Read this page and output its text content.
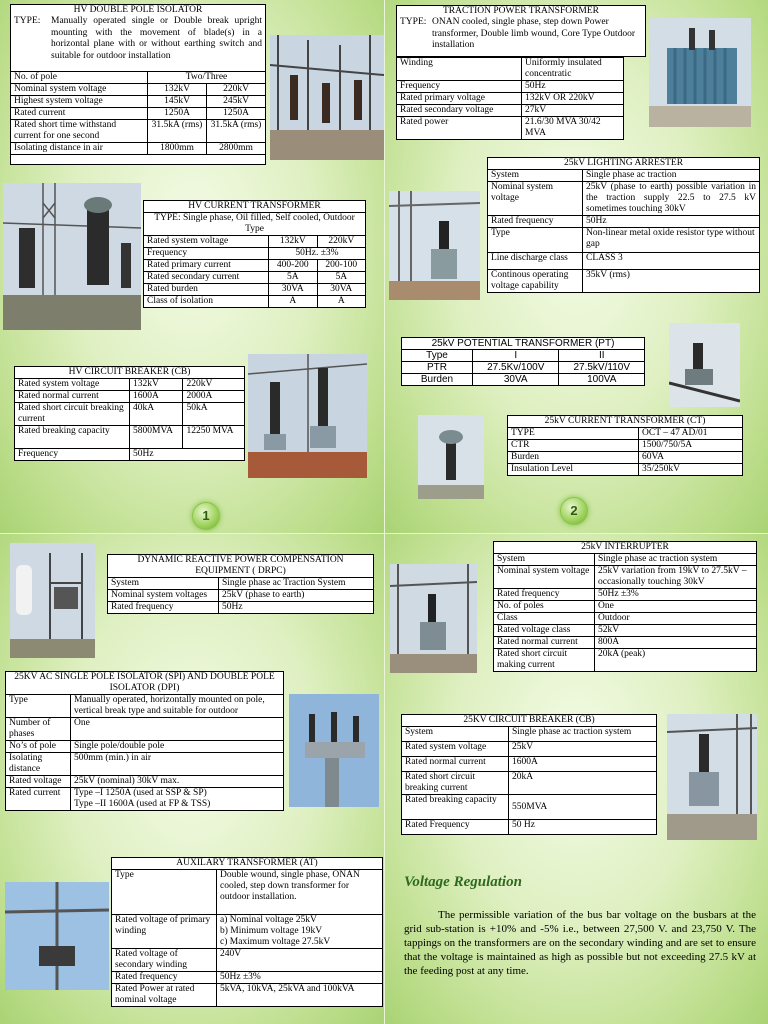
HV DOUBLE POLE ISOLATOR
TYPE:	Manually operated single or Double break upright mounting with the movement of blade(s) in a horizontal plane with or without earthing switch and suitable for outdoor installation
No. of pole	Two/Three	
Nominal system voltage	132kV	220kV
Highest system voltage	145kV	245kV
Rated current	1250A	1250A
Rated short time withstand current for one second	31.5kA (rms)	31.5kA (rms)
Isolating distance in air	1800mm	2800mm
HV CURRENT TRANSFORMER		
TYPE: Single phase, Oil filled, Self cooled, Outdoor Type		
Rated system voltage	132kV	220kV
Frequency	50Hz. ±3%	
Rated primary current	400-200	200-100
Rated secondary current	5A	5A
Rated burden	30VA	30VA
Class of isolation	A	A
HV CIRCUIT BREAKER (CB)		
Rated system voltage	132kV	220kV
Rated normal current	1600A	2000A
Rated short circuit breaking current	40kA	50kA
Rated breaking capacity	5800MVA	12250 MVA
Frequency	50Hz	
1
TRACTION POWER TRANSFORMER
TYPE: ONAN cooled, single phase, step down Power transformer, Double limb wound, Core Type Outdoor installation
Winding	Uniformly insulated concentratic
Frequency	50Hz
Rated primary voltage	132kV OR 220kV
Rated secondary voltage	27kV
Rated power	21.6/30 MVA 30/42 MVA
25kV LIGHTING ARRESTER	
System	Single phase ac traction
Nominal system voltage	25kV (phase to earth) possible variation in the traction supply 22.5 to 27.5 kV sometimes touching 30kV
Rated frequency	50Hz
Type	Non-linear metal oxide resistor type without gap
Line discharge class	CLASS 3
Continous operating voltage capability	35kV (rms)
25kV POTENTIAL TRANSFORMER (PT)		
Type	I	II
PTR	27.5Kv/100V	27.5kV/110V
Burden	30VA	100VA
25kV CURRENT TRANSFORMER (CT)	
TYPE	OCT – 47 AD/01
CTR	1500/750/5A
Burden	60VA
Insulation Level	35/250kV
2
DYNAMIC REACTIVE POWER COMPENSATION EQUIPMENT ( DRPC)	
System	Single phase ac Traction System
Nominal system voltages	25kV (phase to earth)
Rated frequency	50Hz
25KV AC SINGLE POLE ISOLATOR (SPI) AND DOUBLE POLE ISOLATOR (DPI)	
Type	Manually operated, horizontally mounted on pole, vertical break type and suitable for outdoor
Number of phases	One
No’s of pole	Single pole/double pole
Isolating distance	500mm (min.) in air
Rated voltage	25kV (nominal) 30kV max.
Rated current	Type –I 1250A (used at SSP & SP)
Type –II 1600A (used at FP & TSS)
AUXILARY TRANSFORMER (AT)	
Type	Double wound, single phase, ONAN cooled, step down transformer for outdoor installation.
Rated voltage of primary winding	a) Nominal voltage 25kV
b) Minimum voltage 19kV
c) Maximum voltage 27.5kV
Rated voltage of secondary winding	240V
Rated frequency	50Hz ±3%
Rated Power at rated nominal voltage	5kVA, 10kVA, 25kVA and 100kVA
25kV INTERRUPTER	
System	Single phase ac traction system
Nominal system voltage	25kV variation from 19kV to 27.5kV – occasionally touching 30kV
Rated frequency	50Hz ±3%
No. of poles	One
Class	Outdoor
Rated voltage class	52kV
Rated normal current	800A
Rated short circuit making current	20kA (peak)
25KV CIRCUIT BREAKER (CB)	
System	Single phase ac traction system
Rated system voltage	25kV
Rated normal current	1600A
Rated short circuit breaking current	20kA
Rated breaking capacity	550MVA
Rated Frequency	50 Hz
Voltage Regulation
The permissible variation of the bus bar voltage on the busbars at the grid sub-station is +10% and -5% i.e., between 27,500 V. and 23,750 V. The tappings on the transformers are on the secondary winding and are set to ensure that the voltage is maintained as high as possible but not exceeding 27.5 kV at the feeding post at any time.
